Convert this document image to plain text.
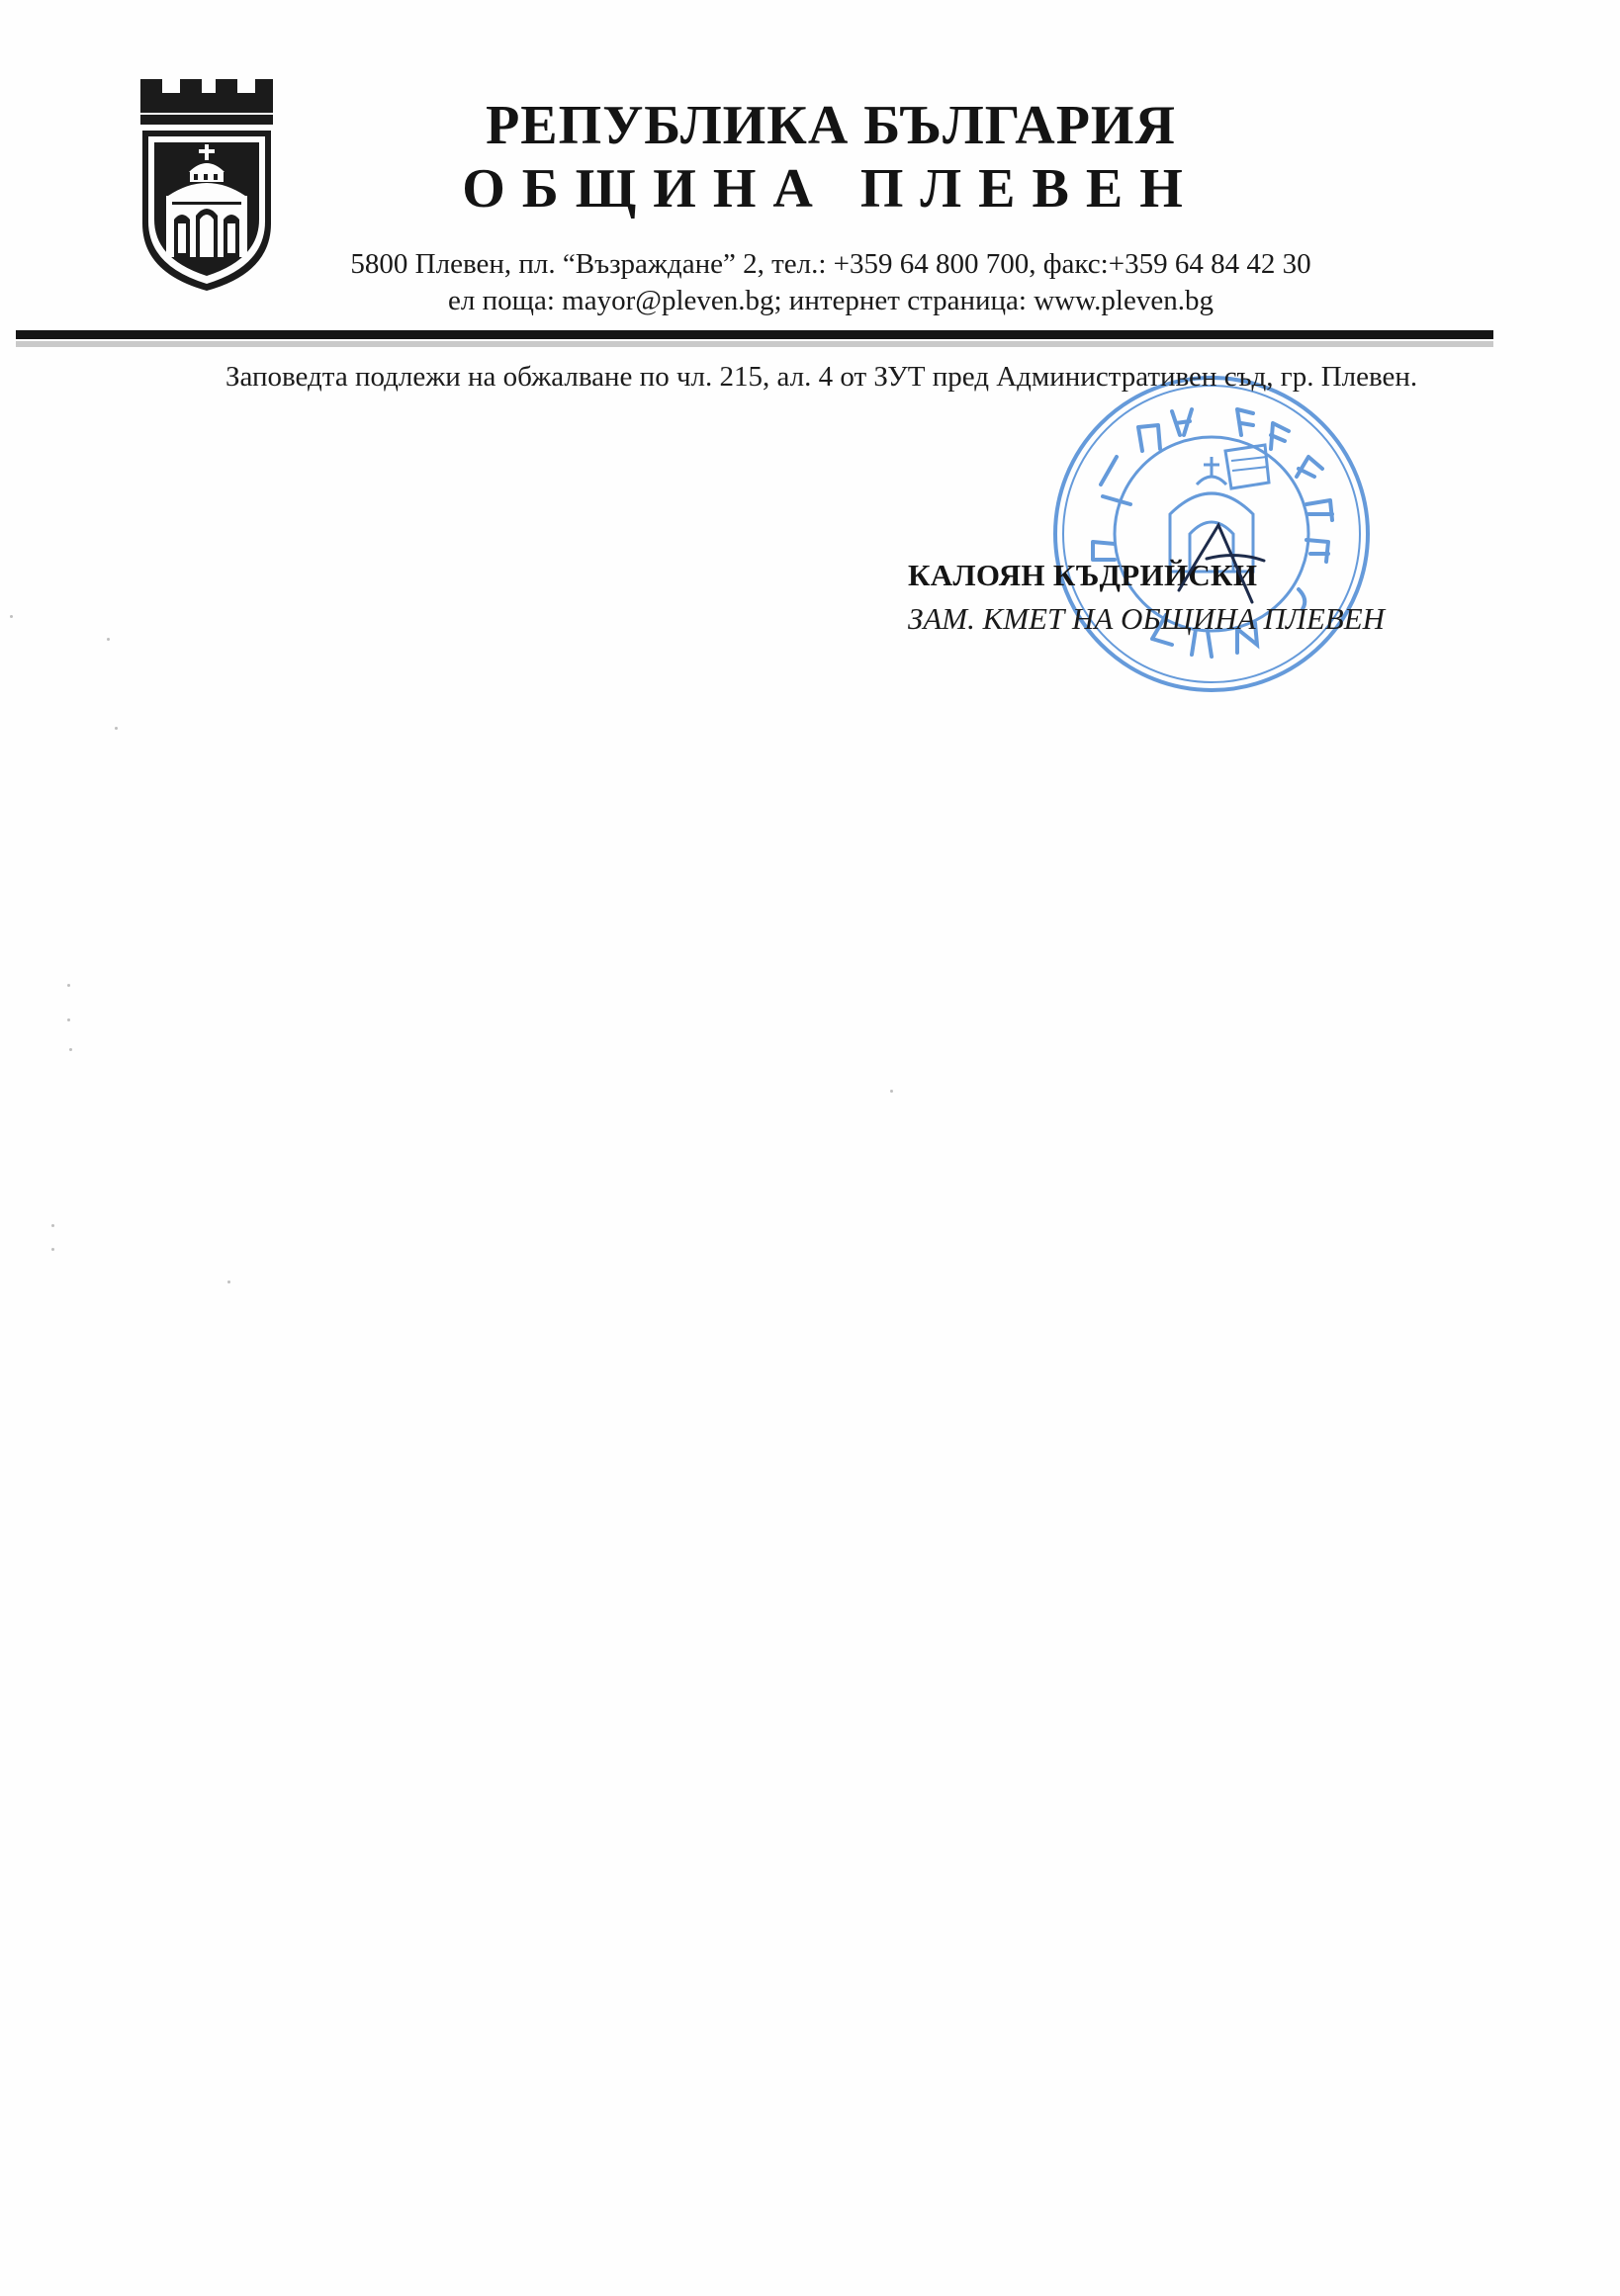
РЕПУБЛИКА БЪЛГАРИЯ
ОБЩИНА ПЛЕВЕН
5800 Плевен, пл. “Възраждане” 2, тел.: +359 64 800 700, факс:+359 64 84 42 30
ел поща: mayor@pleven.bg; интернет страница: www.pleven.bg
Заповедта подлежи на обжалване по чл. 215, ал. 4 от ЗУТ пред Административен съд, гр. Плевен.
КАЛОЯН КЪДРИЙСКИ
ЗАМ. КМЕТ НА ОБЩИНА ПЛЕВЕН
